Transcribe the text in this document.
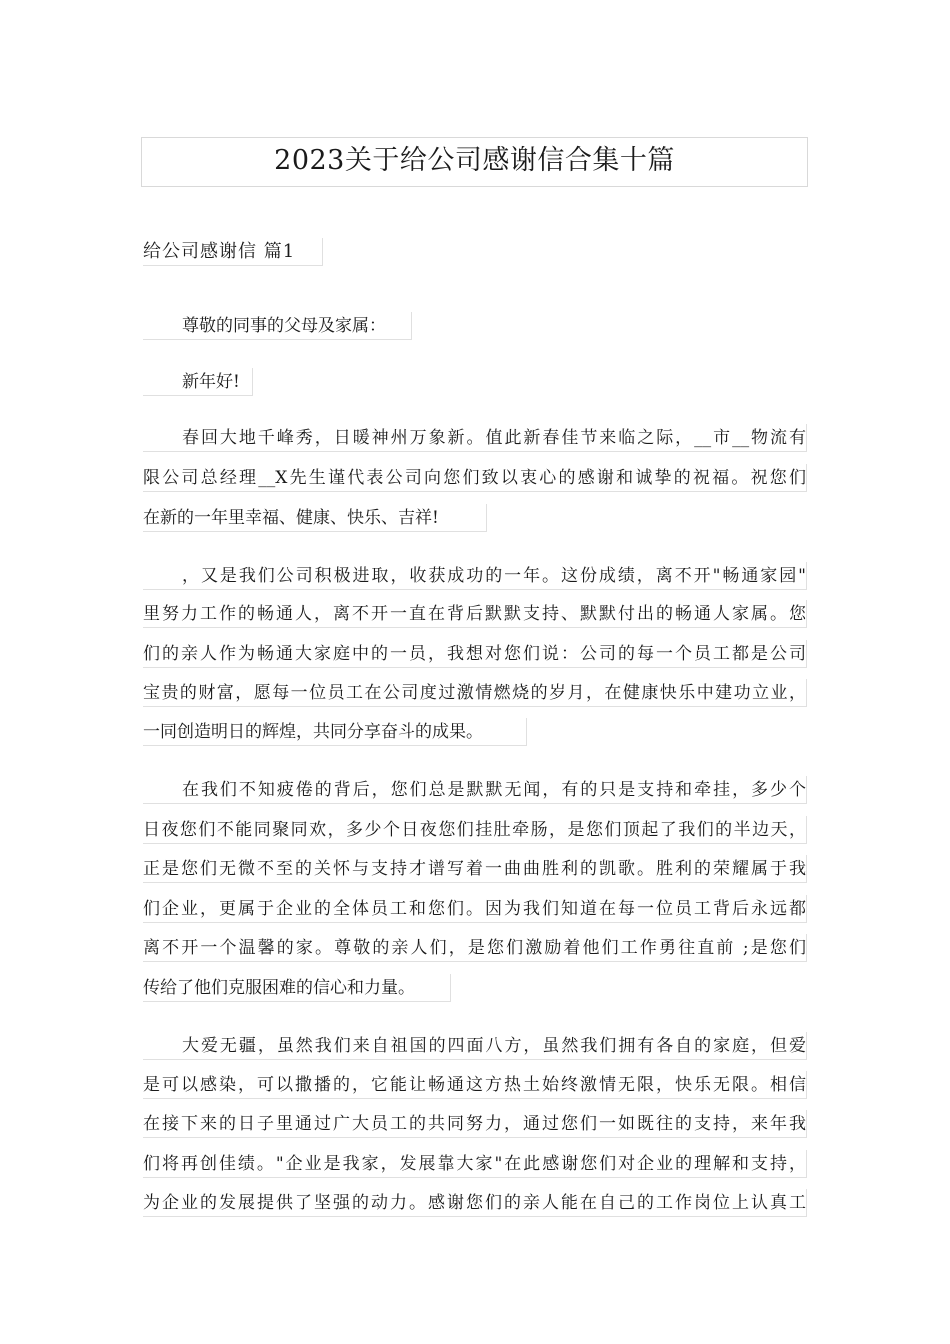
2023关于给公司感谢信合集十篇
给公司感谢信 篇1
尊敬的同事的父母及家属：
新年好!
春回大地千峰秀，日暖神州万象新。值此新春佳节来临之际，__市__物流有
限公司总经理__X先生谨代表公司向您们致以衷心的感谢和诚挚的祝福。祝您们
在新的一年里幸福、健康、快乐、吉祥!
，又是我们公司积极进取，收获成功的一年。这份成绩，离不开"畅通家园"
里努力工作的畅通人，离不开一直在背后默默支持、默默付出的畅通人家属。您
们的亲人作为畅通大家庭中的一员，我想对您们说：公司的每一个员工都是公司
宝贵的财富，愿每一位员工在公司度过激情燃烧的岁月，在健康快乐中建功立业，
一同创造明日的辉煌，共同分享奋斗的成果。
在我们不知疲倦的背后，您们总是默默无闻，有的只是支持和牵挂，多少个
日夜您们不能同聚同欢，多少个日夜您们挂肚牵肠，是您们顶起了我们的半边天，
正是您们无微不至的关怀与支持才谱写着一曲曲胜利的凯歌。胜利的荣耀属于我
们企业，更属于企业的全体员工和您们。因为我们知道在每一位员工背后永远都
离不开一个温馨的家。尊敬的亲人们，是您们激励着他们工作勇往直前 ;是您们
传给了他们克服困难的信心和力量。
大爱无疆，虽然我们来自祖国的四面八方，虽然我们拥有各自的家庭，但爱
是可以感染，可以撒播的，它能让畅通这方热土始终激情无限，快乐无限。相信
在接下来的日子里通过广大员工的共同努力，通过您们一如既往的支持，来年我
们将再创佳绩。"企业是我家，发展靠大家"在此感谢您们对企业的理解和支持，
为企业的发展提供了坚强的动力。感谢您们的亲人能在自己的工作岗位上认真工
